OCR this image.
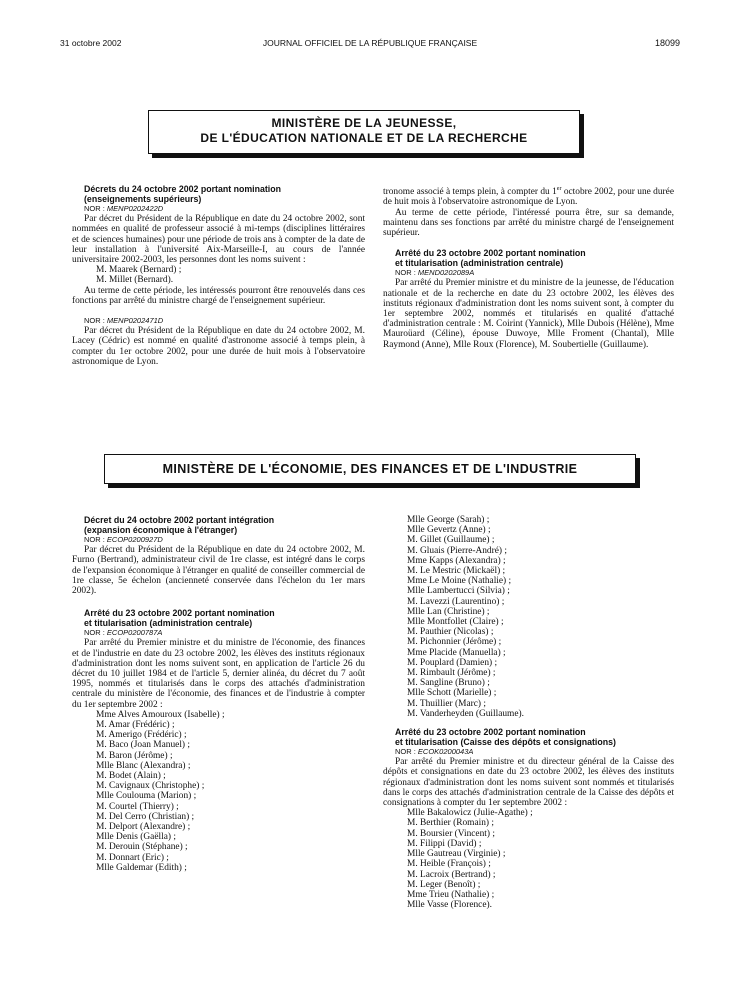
31 octobre 2002	JOURNAL OFFICIEL DE LA RÉPUBLIQUE FRANÇAISE	18099
MINISTÈRE DE LA JEUNESSE,
DE L'ÉDUCATION NATIONALE ET DE LA RECHERCHE

Décrets du 24 octobre 2002 portant nomination

(enseignements supérieurs)

NOR : MENP0202422D

Par décret du Président de la République en date du 24 octobre 2002, sont nommées en qualité de professeur associé à mi-temps (disciplines littéraires et de sciences humaines) pour une période de trois ans à compter de la date de leur installation à l'université Aix-Marseille-I, au cours de l'année universitaire 2002-2003, les personnes dont les noms suivent :

M. Maarek (Bernard) ;

M. Millet (Bernard).

Au terme de cette période, les intéressés pourront être renouvelés dans ces fonctions par arrêté du ministre chargé de l'enseignement supérieur.

NOR : MENP0202471D

Par décret du Président de la République en date du 24 octobre 2002, M. Lacey (Cédric) est nommé en qualité d'astronome associé à temps plein, à compter du 1er octobre 2002, pour une durée de huit mois à l'observatoire astronomique de Lyon.

tronome associé à temps plein, à compter du 1er octobre 2002, pour une durée de huit mois à l'observatoire astronomique de Lyon.

Au terme de cette période, l'intéressé pourra être, sur sa demande, maintenu dans ses fonctions par arrêté du ministre chargé de l'enseignement supérieur.

Arrêté du 23 octobre 2002 portant nomination

et titularisation (administration centrale)

NOR : MEND0202089A

Par arrêté du Premier ministre et du ministre de la jeunesse, de l'éducation nationale et de la recherche en date du 23 octobre 2002, les élèves des instituts régionaux d'administration dont les noms suivent sont, à compter du 1er septembre 2002, nommés et titularisés en qualité d'attaché d'administration centrale : M. Coirint (Yannick), Mlle Dubois (Hélène), Mme Mauroüard (Céline), épouse Duwoye, Mlle Froment (Chantal), Mlle Raymond (Anne), Mlle Roux (Florence), M. Soubertielle (Guillaume).

MINISTÈRE DE L'ÉCONOMIE, DES FINANCES ET DE L'INDUSTRIE

Décret du 24 octobre 2002 portant intégration

(expansion économique à l'étranger)

NOR : ECOP0200927D

Par décret du Président de la République en date du 24 octobre 2002, M. Furno (Bertrand), administrateur civil de 1re classe, est intégré dans le corps de l'expansion économique à l'étranger en qualité de conseiller commercial de 1re classe, 5e échelon (ancienneté conservée dans l'échelon du 1er mars 2002).

Arrêté du 23 octobre 2002 portant nomination

et titularisation (administration centrale)

NOR : ECOP0200787A

Par arrêté du Premier ministre et du ministre de l'économie, des finances et de l'industrie en date du 23 octobre 2002, les élèves des instituts régionaux d'administration dont les noms suivent sont, en application de l'article 26 du décret du 10 juillet 1984 et de l'article 5, dernier alinéa, du décret du 7 août 1995, nommés et titularisés dans le corps des attachés d'administration centrale du ministère de l'économie, des finances et de l'industrie à compter du 1er septembre 2002 :

Mme Alves Amouroux (Isabelle) ;

M. Amar (Frédéric) ;

M. Amerigo (Frédéric) ;

M. Baco (Joan Manuel) ;

M. Baron (Jérôme) ;

Mlle Blanc (Alexandra) ;

M. Bodet (Alain) ;

M. Cavignaux (Christophe) ;

Mlle Coulouma (Marion) ;

M. Courtel (Thierry) ;

M. Del Cerro (Christian) ;

M. Delport (Alexandre) ;

Mlle Denis (Gaëlla) ;

M. Derouin (Stéphane) ;

M. Donnart (Eric) ;

Mlle Galdemar (Edith) ;

Mlle George (Sarah) ;

Mlle Gevertz (Anne) ;

M. Gillet (Guillaume) ;

M. Gluais (Pierre-André) ;

Mme Kapps (Alexandra) ;

M. Le Mestric (Mickaël) ;

Mme Le Moine (Nathalie) ;

Mlle Lambertucci (Silvia) ;

M. Lavezzi (Laurentino) ;

Mlle Lan (Christine) ;

Mlle Montfollet (Claire) ;

M. Pauthier (Nicolas) ;

M. Pichonnier (Jérôme) ;

Mme Placide (Manuella) ;

M. Pouplard (Damien) ;

M. Rimbault (Jérôme) ;

M. Sangline (Bruno) ;

Mlle Schott (Marielle) ;

M. Thuillier (Marc) ;

M. Vanderheyden (Guillaume).

Arrêté du 23 octobre 2002 portant nomination

et titularisation (Caisse des dépôts et consignations)

NOR : ECOK0200043A

Par arrêté du Premier ministre et du directeur général de la Caisse des dépôts et consignations en date du 23 octobre 2002, les élèves des instituts régionaux d'administration dont les noms suivent sont nommés et titularisés dans le corps des attachés d'administration centrale de la Caisse des dépôts et consignations à compter du 1er septembre 2002 :

Mlle Bakalowicz (Julie-Agathe) ;

M. Berthier (Romain) ;

M. Boursier (Vincent) ;

M. Filippi (David) ;

Mlle Gautreau (Virginie) ;

M. Heible (François) ;

M. Lacroix (Bertrand) ;

M. Leger (Benoît) ;

Mme Trieu (Nathalie) ;

Mlle Vasse (Florence).
